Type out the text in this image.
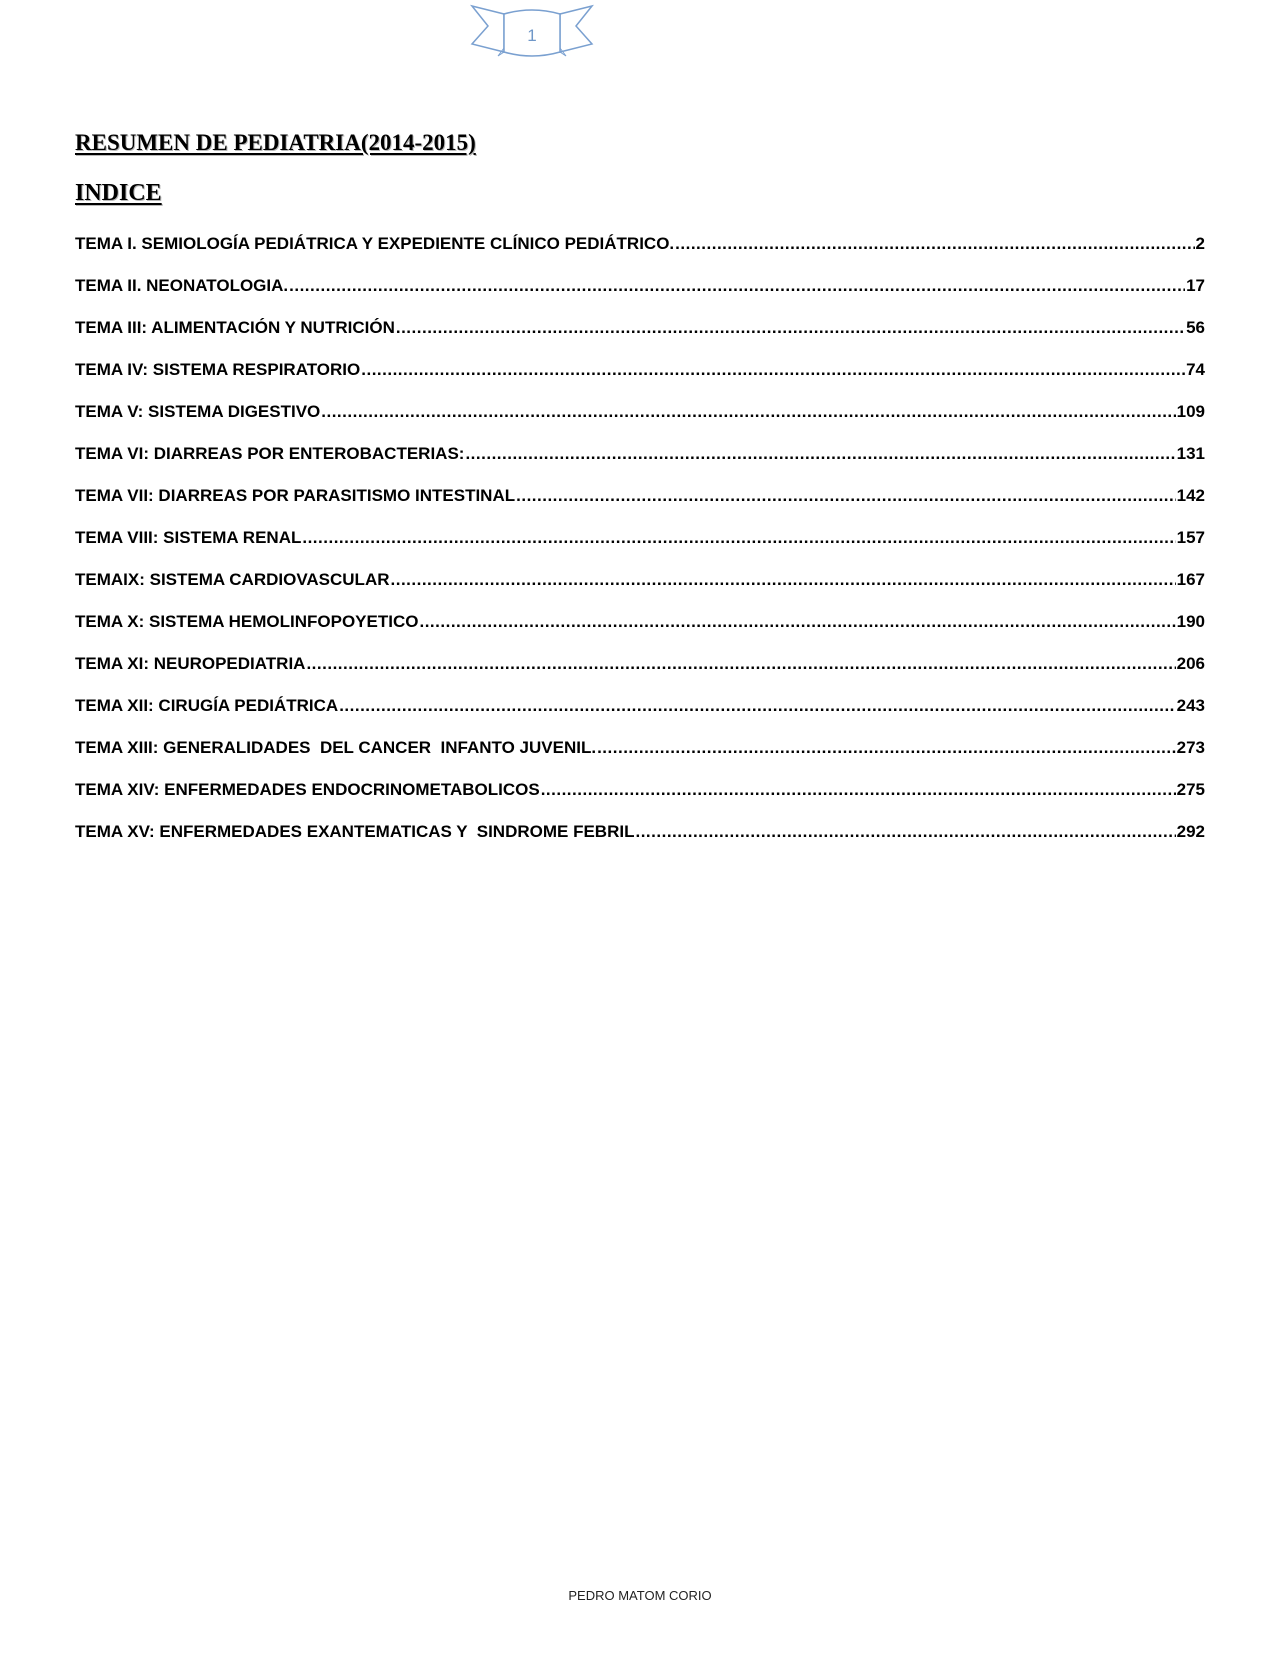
1
RESUMEN DE PEDIATRIA(2014-2015)
INDICE
TEMA I. SEMIOLOGÍA PEDIÁTRICA Y EXPEDIENTE CLÍNICO PEDIÁTRICO. .....	2
TEMA II. NEONATOLOGIA. .....	17
TEMA III: ALIMENTACIÓN Y NUTRICIÓN .....	56
TEMA IV: SISTEMA RESPIRATORIO .....	74
TEMA V: SISTEMA DIGESTIVO .....	109
TEMA VI: DIARREAS POR ENTEROBACTERIAS: .....	131
TEMA VII: DIARREAS POR PARASITISMO INTESTINAL .....	142
TEMA VIII: SISTEMA RENAL .....	157
TEMAIX: SISTEMA CARDIOVASCULAR .....	167
TEMA X: SISTEMA HEMOLINFOPOYETICO .....	190
TEMA XI: NEUROPEDIATRIA .....	206
TEMA XII: CIRUGÍA PEDIÁTRICA .....	243
TEMA XIII: GENERALIDADES  DEL CANCER  INFANTO JUVENIL. .....	273
TEMA XIV: ENFERMEDADES ENDOCRINOMETABOLICOS .....	275
TEMA XV: ENFERMEDADES EXANTEMATICAS Y  SINDROME FEBRIL .....	292
PEDRO MATOM CORIO
